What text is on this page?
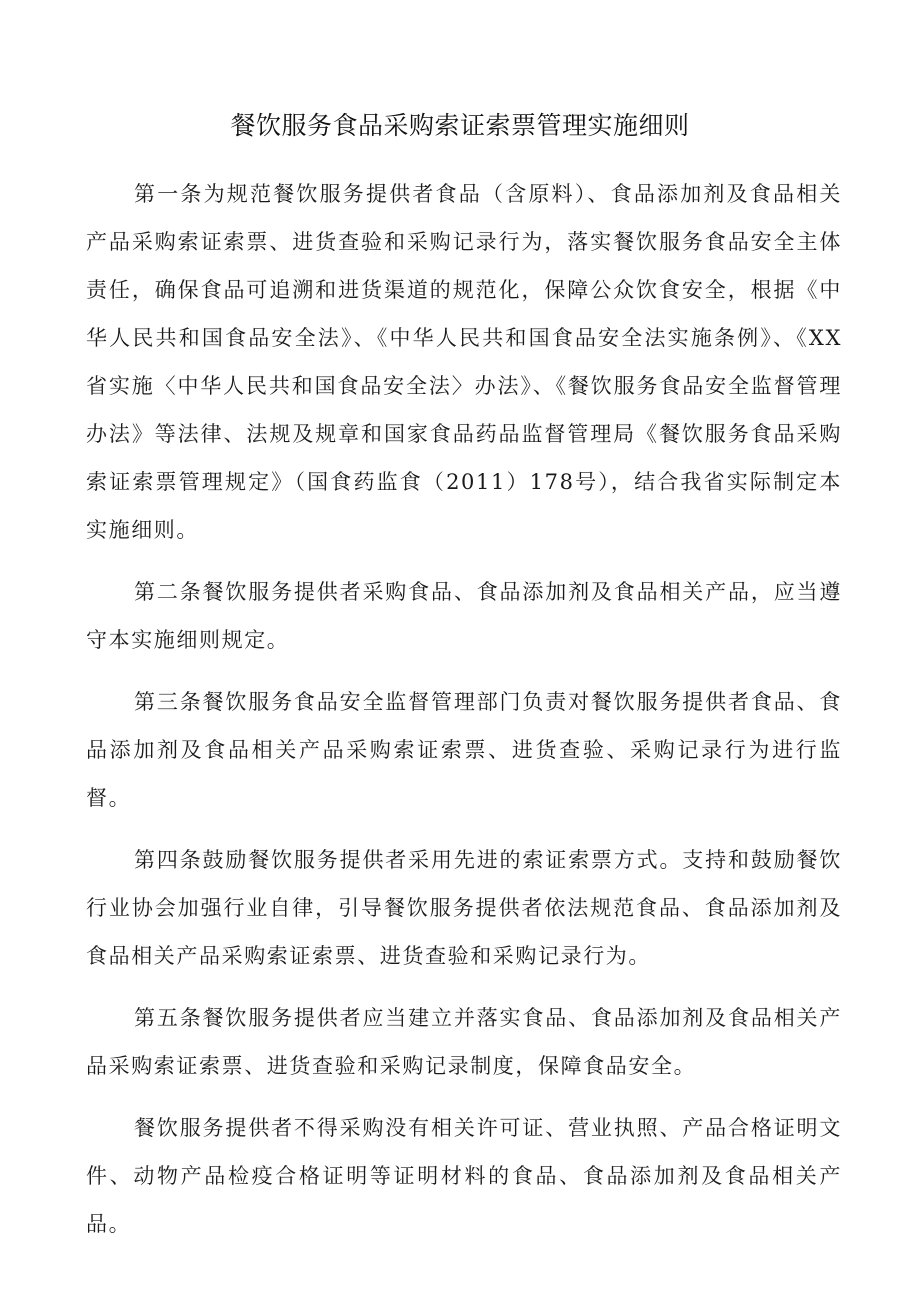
餐饮服务食品采购索证索票管理实施细则

第一条为规范餐饮服务提供者食品（含原料）、食品添加剂及食品相关产品采购索证索票、进货查验和采购记录行为，落实餐饮服务食品安全主体责任，确保食品可追溯和进货渠道的规范化，保障公众饮食安全，根据《中华人民共和国食品安全法》、《中华人民共和国食品安全法实施条例》、《XX省实施〈中华人民共和国食品安全法〉办法》、《餐饮服务食品安全监督管理办法》等法律、法规及规章和国家食品药品监督管理局《餐饮服务食品采购索证索票管理规定》（国食药监食（2011）178号），结合我省实际制定本实施细则。

第二条餐饮服务提供者采购食品、食品添加剂及食品相关产品，应当遵守本实施细则规定。

第三条餐饮服务食品安全监督管理部门负责对餐饮服务提供者食品、食品添加剂及食品相关产品采购索证索票、进货查验、采购记录行为进行监督。

第四条鼓励餐饮服务提供者采用先进的索证索票方式。支持和鼓励餐饮行业协会加强行业自律，引导餐饮服务提供者依法规范食品、食品添加剂及食品相关产品采购索证索票、进货查验和采购记录行为。

第五条餐饮服务提供者应当建立并落实食品、食品添加剂及食品相关产品采购索证索票、进货查验和采购记录制度，保障食品安全。

餐饮服务提供者不得采购没有相关许可证、营业执照、产品合格证明文件、动物产品检疫合格证明等证明材料的食品、食品添加剂及食品相关产品。
